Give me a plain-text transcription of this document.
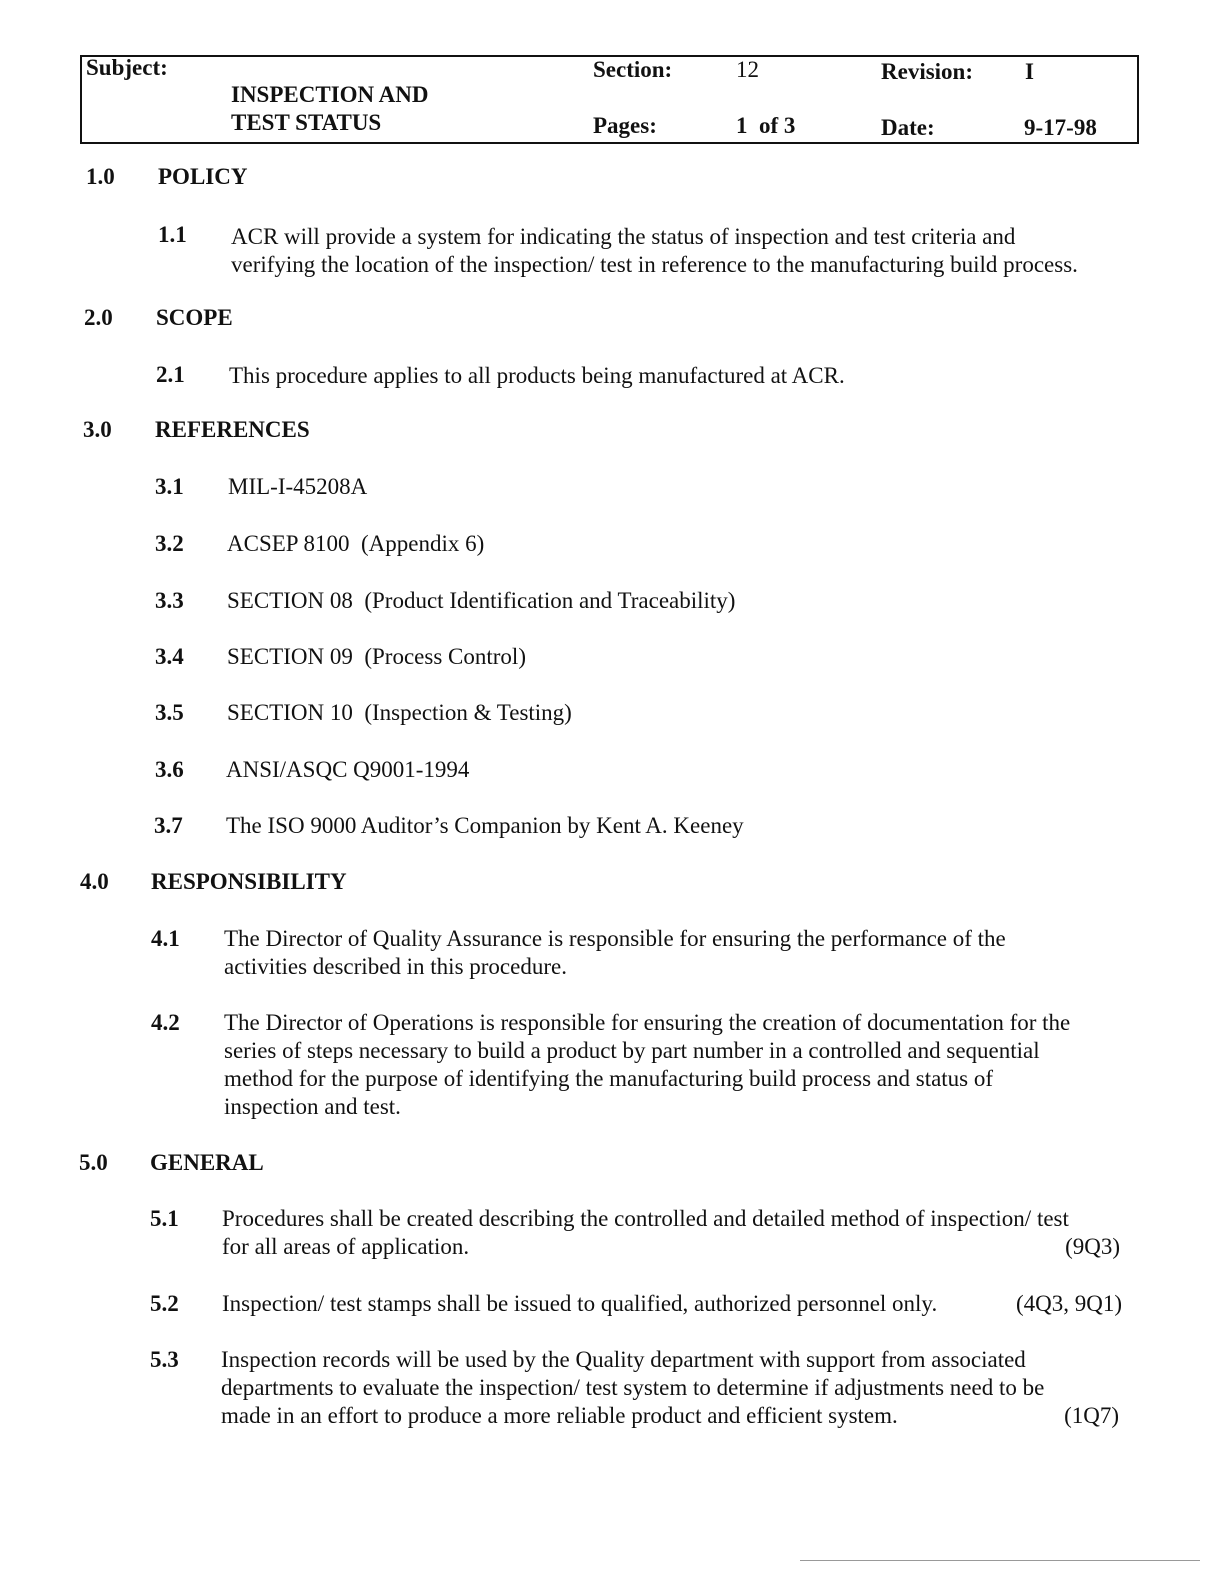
Subject:
INSPECTION AND
TEST STATUS
Section:	12	Revision: I
Pages:	1  of 3	Date:	9-17-98
1.0 POLICY
1.1 ACR will provide a system for indicating the status of inspection and test criteria and
verifying the location of the inspection/ test in reference to the manufacturing build process.
2.0 SCOPE
2.1 This procedure applies to all products being manufactured at ACR.
3.0 REFERENCES
3.1 MIL-I-45208A
3.2 ACSEP 8100  (Appendix 6)
3.3 SECTION 08  (Product Identification and Traceability)
3.4 SECTION 09  (Process Control)
3.5 SECTION 10  (Inspection & Testing)
3.6 ANSI/ASQC Q9001-1994
3.7 The ISO 9000 Auditor’s Companion by Kent A. Keeney
4.0 RESPONSIBILITY
4.1 The Director of Quality Assurance is responsible for ensuring the performance of the
activities described in this procedure.
4.2 The Director of Operations is responsible for ensuring the creation of documentation for the
series of steps necessary to build a product by part number in a controlled and sequential
method for the purpose of identifying the manufacturing build process and status of
inspection and test.
5.0 GENERAL
5.1 Procedures shall be created describing the controlled and detailed method of inspection/ test
for all areas of application.	(9Q3)
5.2 Inspection/ test stamps shall be issued to qualified, authorized personnel only.	(4Q3, 9Q1)
5.3 Inspection records will be used by the Quality department with support from associated
departments to evaluate the inspection/ test system to determine if adjustments need to be
made in an effort to produce a more reliable product and efficient system.	(1Q7)
